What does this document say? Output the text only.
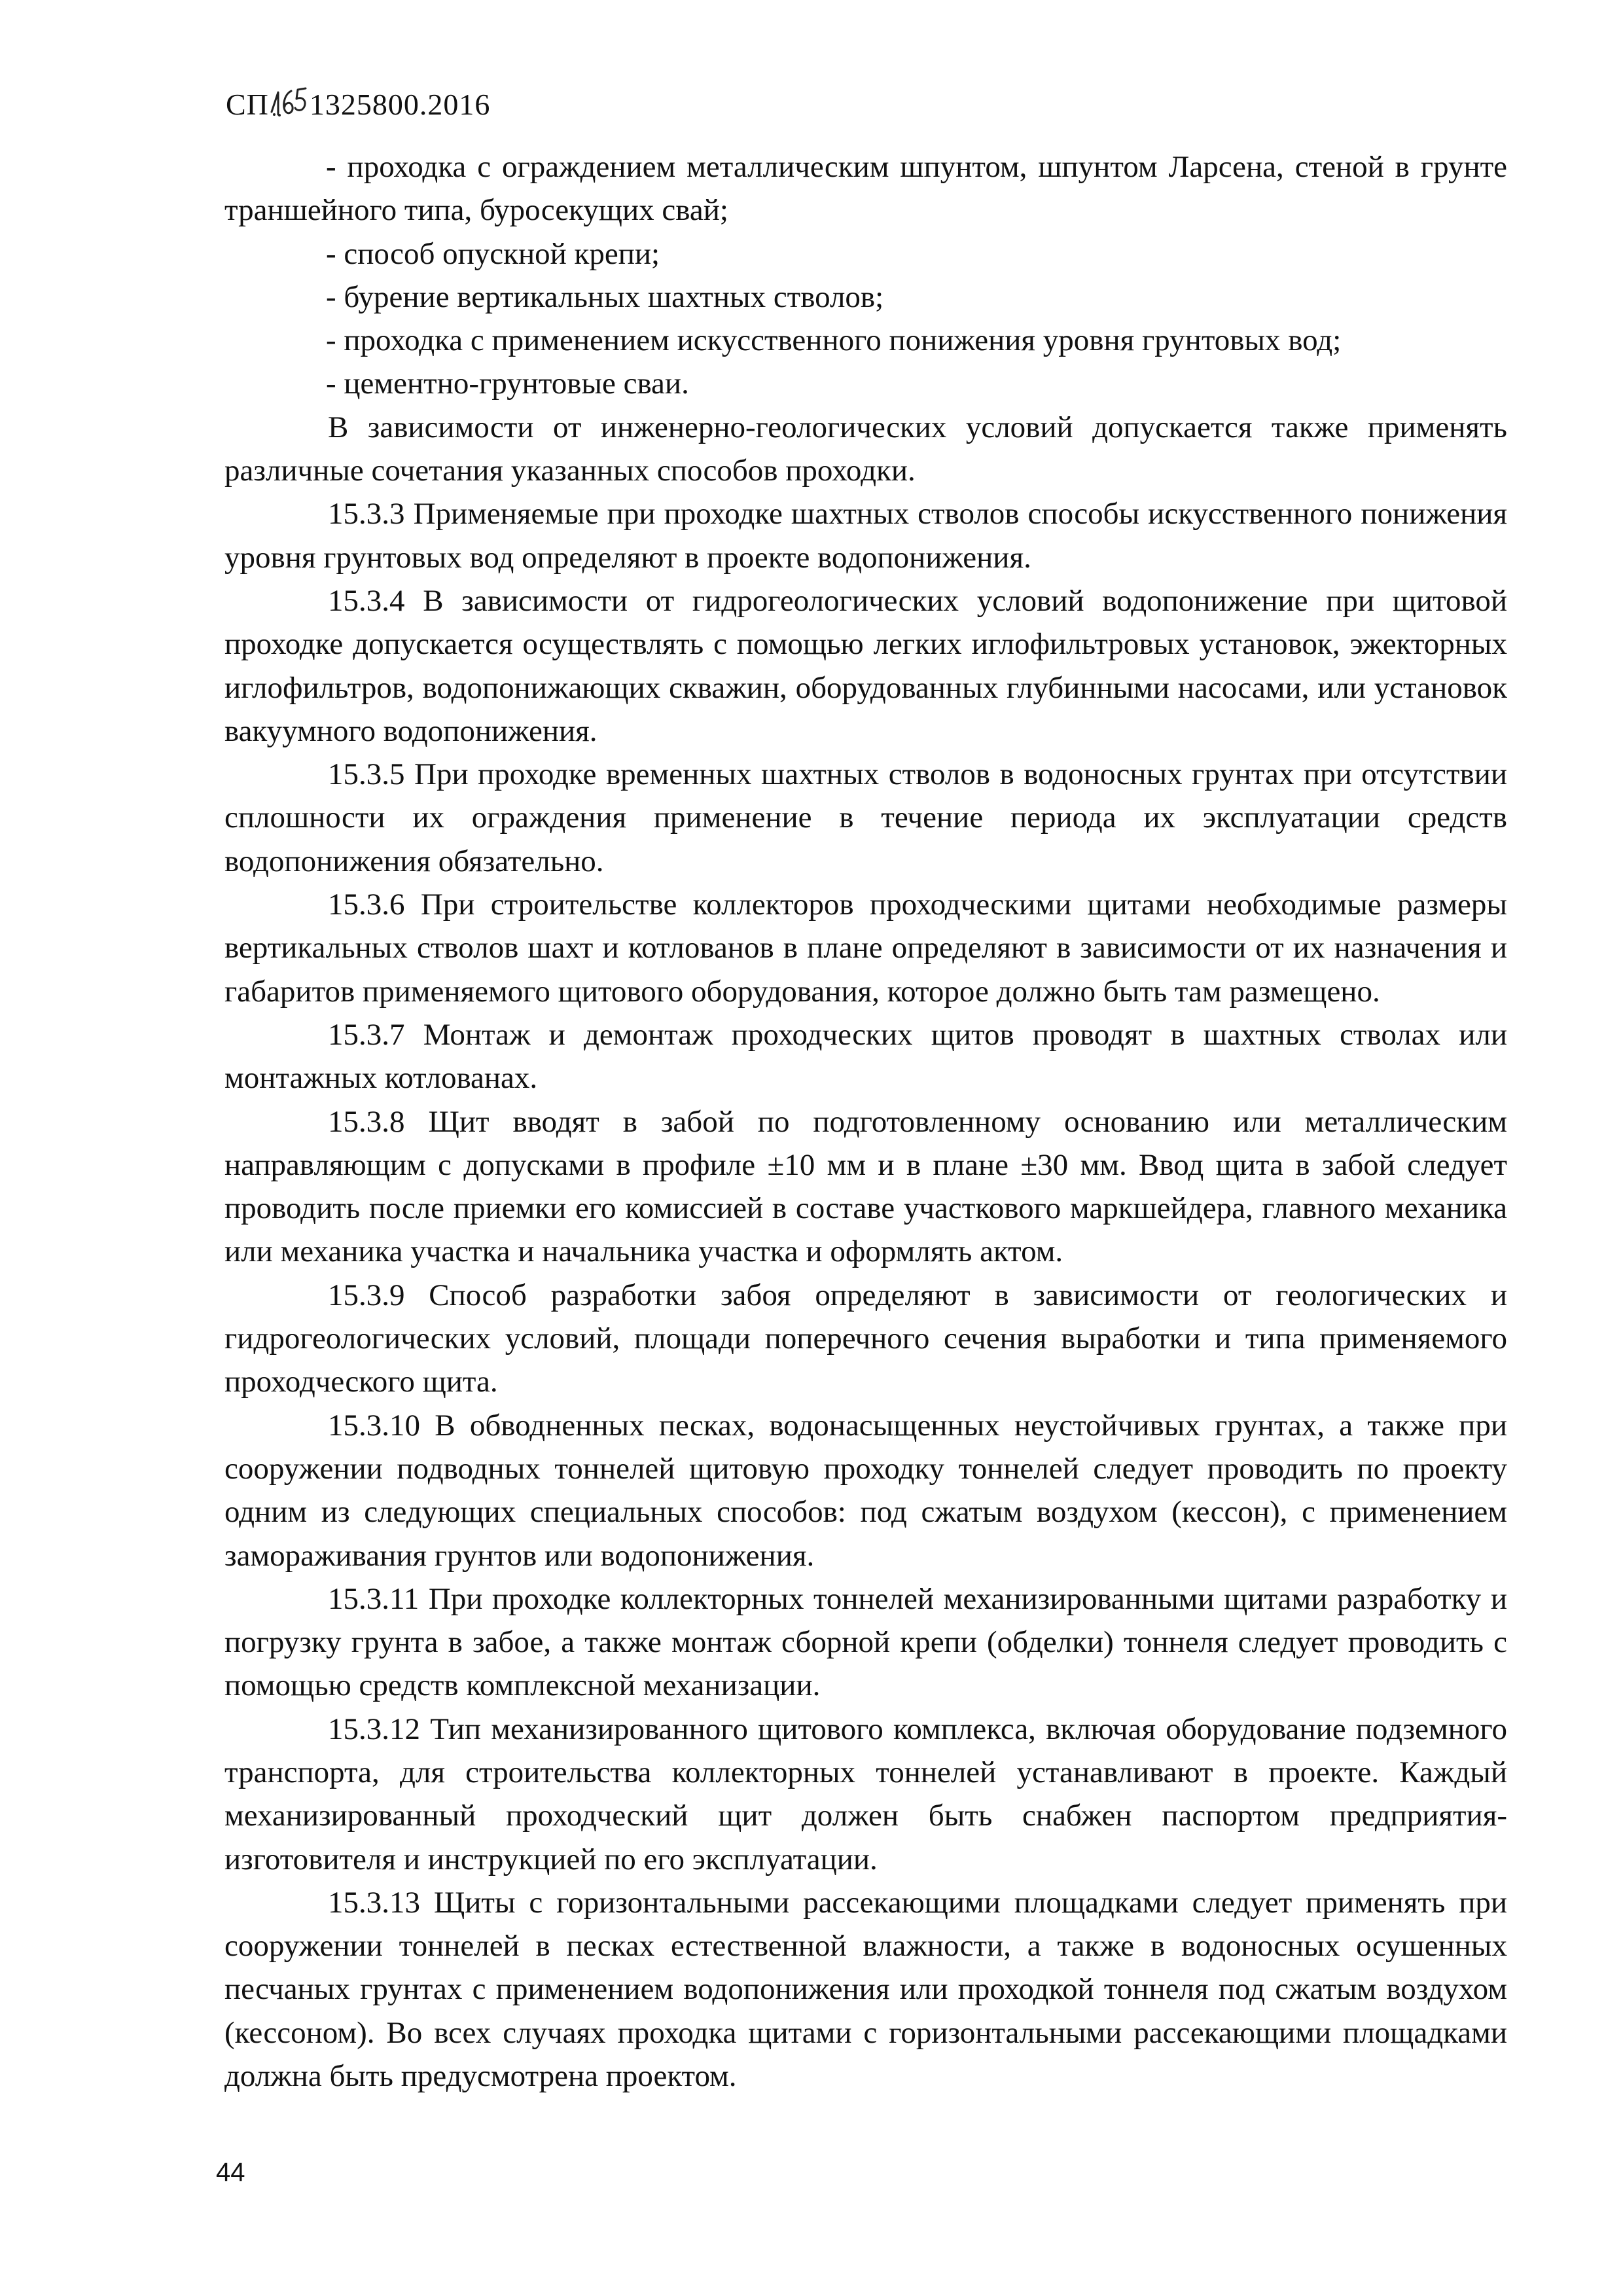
СП 1325800.2016

- проходка с ограждением металлическим шпунтом, шпунтом Ларсена, стеной в грунте траншейного типа, буросекущих свай;

- способ опускной крепи;

- бурение вертикальных шахтных стволов;

- проходка с применением искусственного понижения уровня грунтовых вод;

- цементно-грунтовые сваи.

В зависимости от инженерно-геологических условий допускается также применять различные сочетания указанных способов проходки.

15.3.3 Применяемые при проходке шахтных стволов способы искусственного понижения уровня грунтовых вод определяют в проекте водопонижения.

15.3.4 В зависимости от гидрогеологических условий водопонижение при щитовой проходке допускается осуществлять с помощью легких иглофильтровых установок, эжекторных иглофильтров, водопонижающих скважин, оборудованных глубинными насосами, или установок вакуумного водопонижения.

15.3.5 При проходке временных шахтных стволов в водоносных грунтах при отсутствии сплошности их ограждения применение в течение периода их эксплуатации средств водопонижения обязательно.

15.3.6 При строительстве коллекторов проходческими щитами необходимые размеры вертикальных стволов шахт и котлованов в плане определяют в зависимости от их назначения и габаритов применяемого щитового оборудования, которое должно быть там размещено.

15.3.7 Монтаж и демонтаж проходческих щитов проводят в шахтных стволах или монтажных котлованах.

15.3.8 Щит вводят в забой по подготовленному основанию или металлическим направляющим с допусками в профиле ±10 мм и в плане ±30 мм. Ввод щита в забой следует проводить после приемки его комиссией в составе участкового маркшейдера, главного механика или механика участка и начальника участка и оформлять актом.

15.3.9 Способ разработки забоя определяют в зависимости от геологических и гидрогеологических условий, площади поперечного сечения выработки и типа применяемого проходческого щита.

15.3.10 В обводненных песках, водонасыщенных неустойчивых грунтах, а также при сооружении подводных тоннелей щитовую проходку тоннелей следует проводить по проекту одним из следующих специальных способов: под сжатым воздухом (кессон), с применением замораживания грунтов или водопонижения.

15.3.11 При проходке коллекторных тоннелей механизированными щитами разработку и погрузку грунта в забое, а также монтаж сборной крепи (обделки) тоннеля следует проводить с помощью средств комплексной механизации.

15.3.12 Тип механизированного щитового комплекса, включая оборудование подземного транспорта, для строительства коллекторных тоннелей устанавливают в проекте. Каждый механизированный проходческий щит должен быть снабжен паспортом предприятия-изготовителя и инструкцией по его эксплуатации.

15.3.13 Щиты с горизонтальными рассекающими площадками следует применять при сооружении тоннелей в песках естественной влажности, а также в водоносных осушенных песчаных грунтах с применением водопонижения или проходкой тоннеля под сжатым воздухом (кессоном). Во всех случаях проходка щитами с горизонтальными рассекающими площадками должна быть предусмотрена проектом.

44
